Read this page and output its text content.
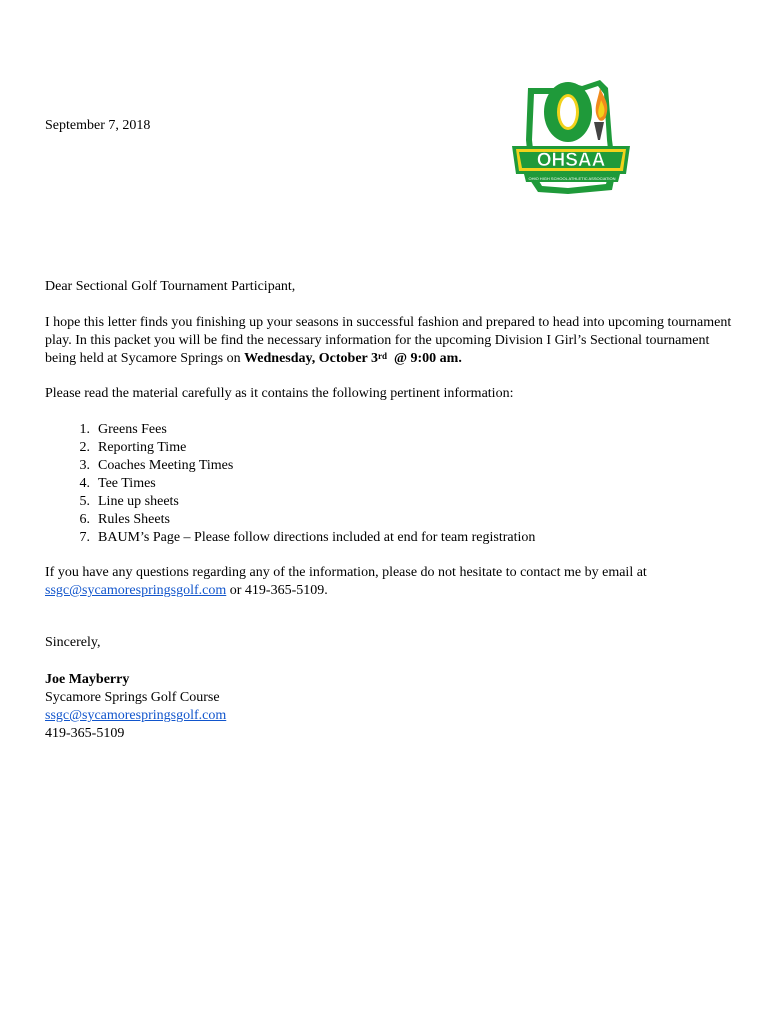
September 7, 2018
OHSAA
OHIO HIGH SCHOOL ATHLETIC ASSOCIATION
Dear Sectional Golf Tournament Participant,
I hope this letter finds you finishing up your seasons in successful fashion and prepared to head into upcoming tournament play. In this packet you will be find the necessary information for the upcoming Division I Girl’s Sectional tournament being held at Sycamore Springs on Wednesday, October 3rd  @ 9:00 am.
Please read the material carefully as it contains the following pertinent information:
1. Greens Fees
2. Reporting Time
3. Coaches Meeting Times
4. Tee Times
5. Line up sheets
6. Rules Sheets
7. BAUM’s Page – Please follow directions included at end for team registration
If you have any questions regarding any of the information, please do not hesitate to contact me by email at ssgc@sycamorespringsgolf.com or 419-365-5109.
Sincerely,
Joe Mayberry
Sycamore Springs Golf Course
ssgc@sycamorespringsgolf.com
419-365-5109
